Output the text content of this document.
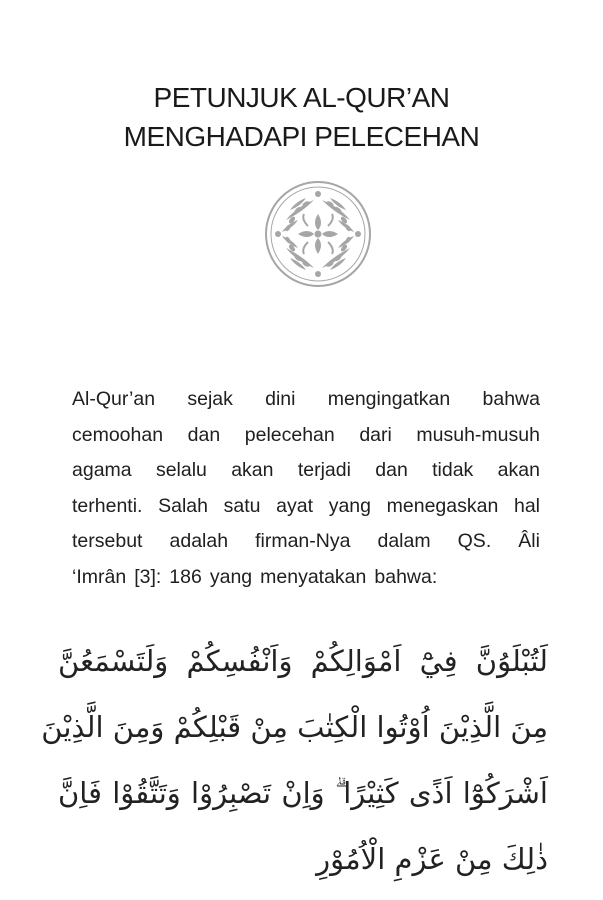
PETUNJUK AL-QUR’AN
MENGHADAPI PELECEHAN
Al-Qur’an sejak dini mengingatkan bahwa
cemoohan dan pelecehan dari musuh-musuh
agama selalu akan terjadi dan tidak akan
terhenti. Salah satu ayat yang menegaskan hal
tersebut adalah firman-Nya dalam QS. Âli
‘Imrân [3]: 186 yang menyatakan bahwa:
لَتُبْلَوُنَّ فِيْٓ اَمْوَالِكُمْ وَاَنْفُسِكُمْ وَلَتَسْمَعُنَّ
مِنَ الَّذِيْنَ اُوْتُوا الْكِتٰبَ مِنْ قَبْلِكُمْ وَمِنَ الَّذِيْنَ
اَشْرَكُوْٓا اَذًى كَثِيْرًا ۗ وَاِنْ تَصْبِرُوْا وَتَتَّقُوْا فَاِنَّ
ذٰلِكَ مِنْ عَزْمِ الْاُمُوْرِ
